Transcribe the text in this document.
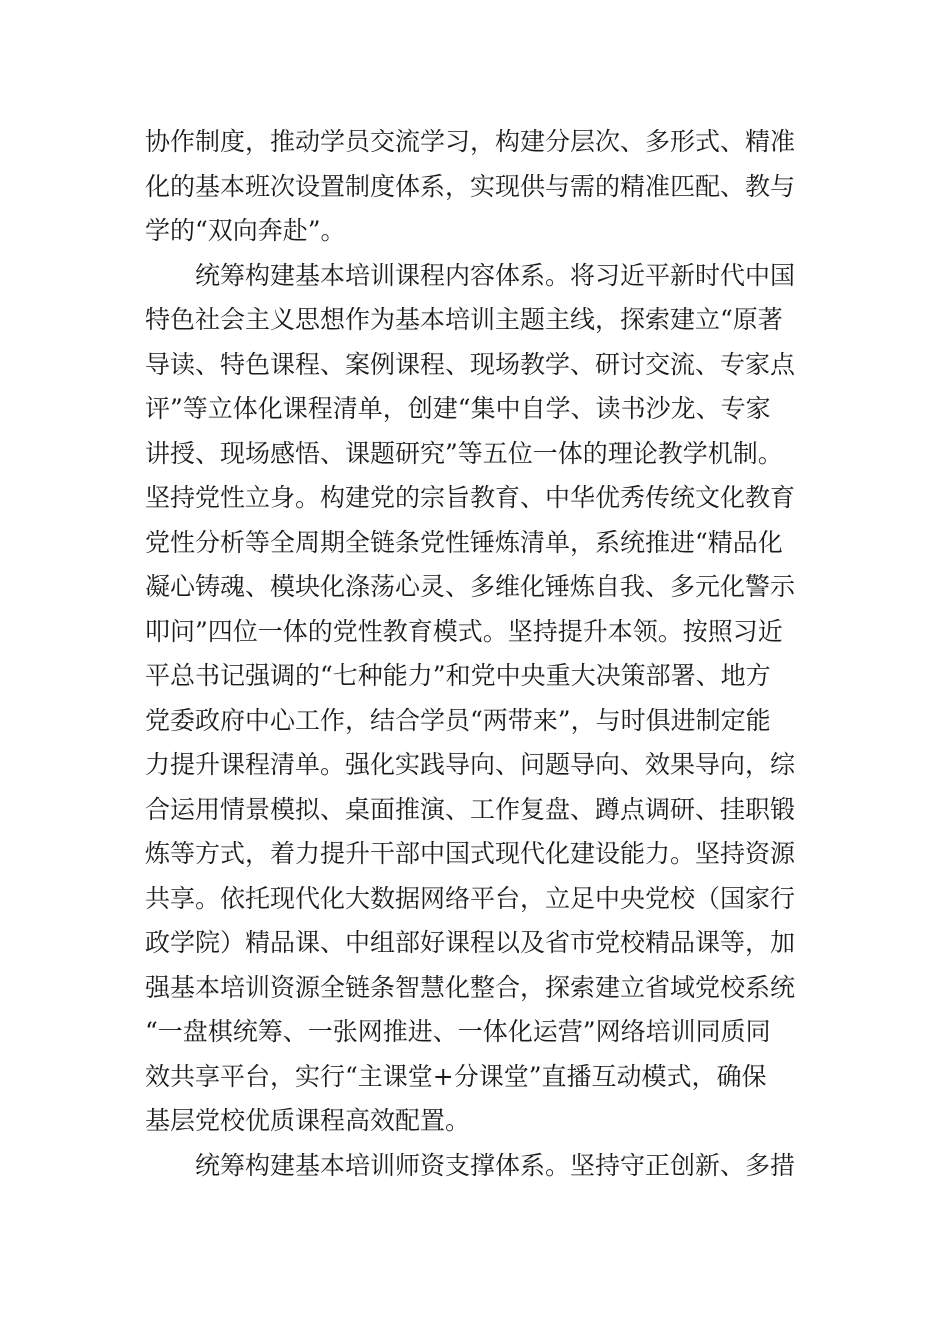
协作制度，推动学员交流学习，构建分层次、多形式、精准
化的基本班次设置制度体系，实现供与需的精准匹配、教与
学的“双向奔赴”。
统筹构建基本培训课程内容体系。将习近平新时代中国
特色社会主义思想作为基本培训主题主线，探索建立“原著
导读、特色课程、案例课程、现场教学、研讨交流、专家点
评”等立体化课程清单，创建“集中自学、读书沙龙、专家
讲授、现场感悟、课题研究”等五位一体的理论教学机制。
坚持党性立身。构建党的宗旨教育、中华优秀传统文化教育
党性分析等全周期全链条党性锤炼清单，系统推进“精品化
凝心铸魂、模块化涤荡心灵、多维化锤炼自我、多元化警示
叩问”四位一体的党性教育模式。坚持提升本领。按照习近
平总书记强调的“七种能力”和党中央重大决策部署、地方
党委政府中心工作，结合学员“两带来”，与时俱进制定能
力提升课程清单。强化实践导向、问题导向、效果导向，综
合运用情景模拟、桌面推演、工作复盘、蹲点调研、挂职锻
炼等方式，着力提升干部中国式现代化建设能力。坚持资源
共享。依托现代化大数据网络平台，立足中央党校（国家行
政学院）精品课、中组部好课程以及省市党校精品课等，加
强基本培训资源全链条智慧化整合，探索建立省域党校系统
“一盘棋统筹、一张网推进、一体化运营”网络培训同质同
效共享平台，实行“主课堂+分课堂”直播互动模式，确保
基层党校优质课程高效配置。
统筹构建基本培训师资支撑体系。坚持守正创新、多措
